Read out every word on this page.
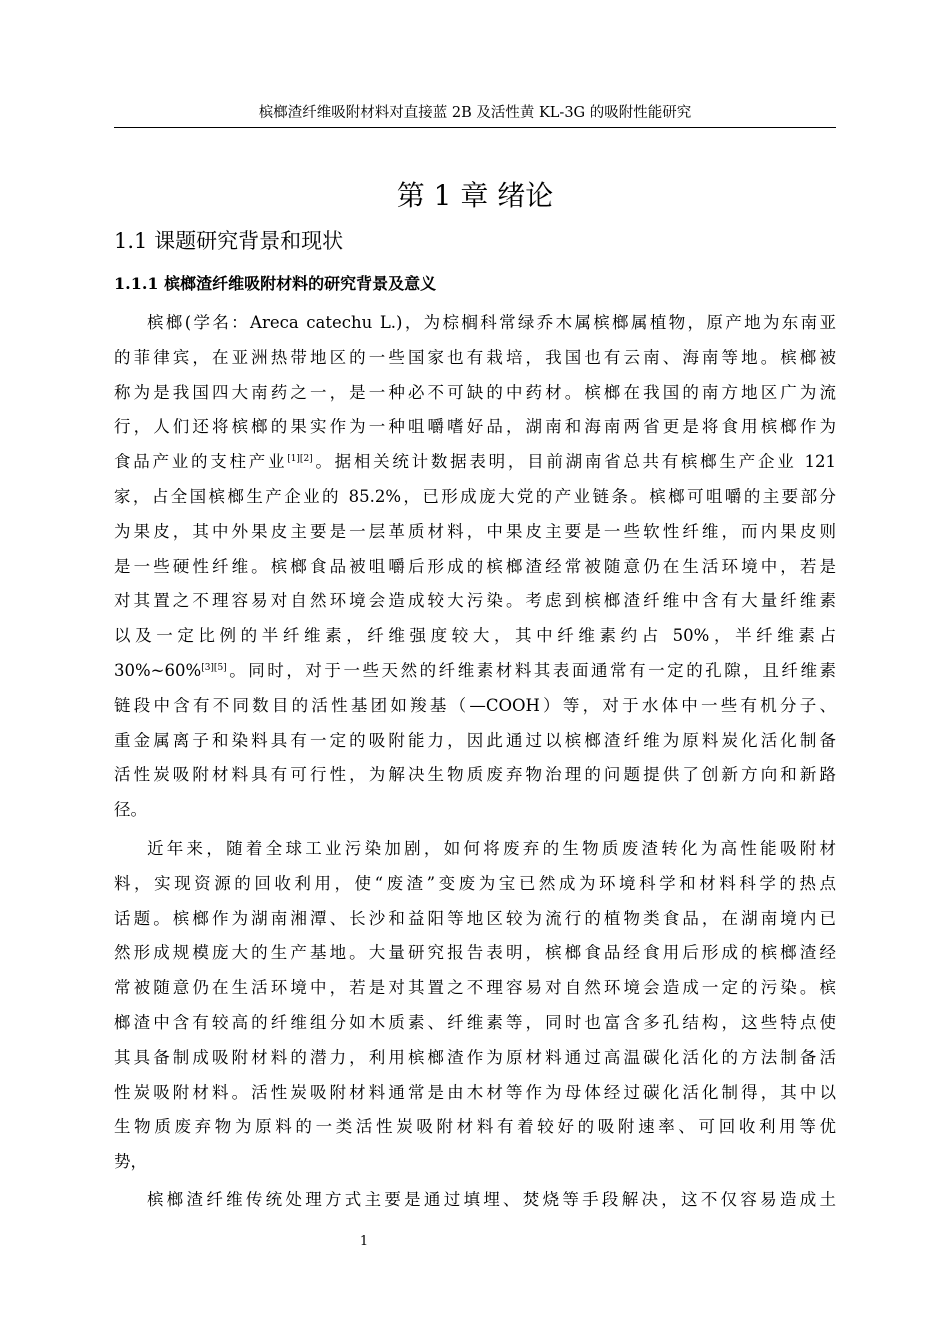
槟榔渣纤维吸附材料对直接蓝 2B 及活性黄 KL-3G 的吸附性能研究
第 1 章 绪论
1.1 课题研究背景和现状
1.1.1 槟榔渣纤维吸附材料的研究背景及意义
槟榔(学名：Areca catechu L.)，为棕榈科常绿乔木属槟榔属植物，原产地为东南亚
的菲律宾，在亚洲热带地区的一些国家也有栽培，我国也有云南、海南等地。槟榔被
称为是我国四大南药之一，是一种必不可缺的中药材。槟榔在我国的南方地区广为流
行，人们还将槟榔的果实作为一种咀嚼嗜好品，湖南和海南两省更是将食用槟榔作为
食品产业的支柱产业[1][2]。据相关统计数据表明，目前湖南省总共有槟榔生产企业 121
家，占全国槟榔生产企业的 85.2%，已形成庞大党的产业链条。槟榔可咀嚼的主要部分
为果皮，其中外果皮主要是一层革质材料，中果皮主要是一些软性纤维，而内果皮则
是一些硬性纤维。槟榔食品被咀嚼后形成的槟榔渣经常被随意仍在生活环境中，若是
对其置之不理容易对自然环境会造成较大污染。考虑到槟榔渣纤维中含有大量纤维素
以及一定比例的半纤维素，纤维强度较大，其中纤维素约占 50%，半纤维素占
30%~60%[3][5]。同时，对于一些天然的纤维素材料其表面通常有一定的孔隙，且纤维素
链段中含有不同数目的活性基团如羧基（—COOH）等，对于水体中一些有机分子、
重金属离子和染料具有一定的吸附能力，因此通过以槟榔渣纤维为原料炭化活化制备
活性炭吸附材料具有可行性，为解决生物质废弃物治理的问题提供了创新方向和新路
径。
近年来，随着全球工业污染加剧，如何将废弃的生物质废渣转化为高性能吸附材
料，实现资源的回收利用，使“废渣”变废为宝已然成为环境科学和材料科学的热点
话题。槟榔作为湖南湘潭、长沙和益阳等地区较为流行的植物类食品，在湖南境内已
然形成规模庞大的生产基地。大量研究报告表明，槟榔食品经食用后形成的槟榔渣经
常被随意仍在生活环境中，若是对其置之不理容易对自然环境会造成一定的污染。槟
榔渣中含有较高的纤维组分如木质素、纤维素等，同时也富含多孔结构，这些特点使
其具备制成吸附材料的潜力，利用槟榔渣作为原材料通过高温碳化活化的方法制备活
性炭吸附材料。活性炭吸附材料通常是由木材等作为母体经过碳化活化制得，其中以
生物质废弃物为原料的一类活性炭吸附材料有着较好的吸附速率、可回收利用等优
势，
槟榔渣纤维传统处理方式主要是通过填埋、焚烧等手段解决，这不仅容易造成土
1
